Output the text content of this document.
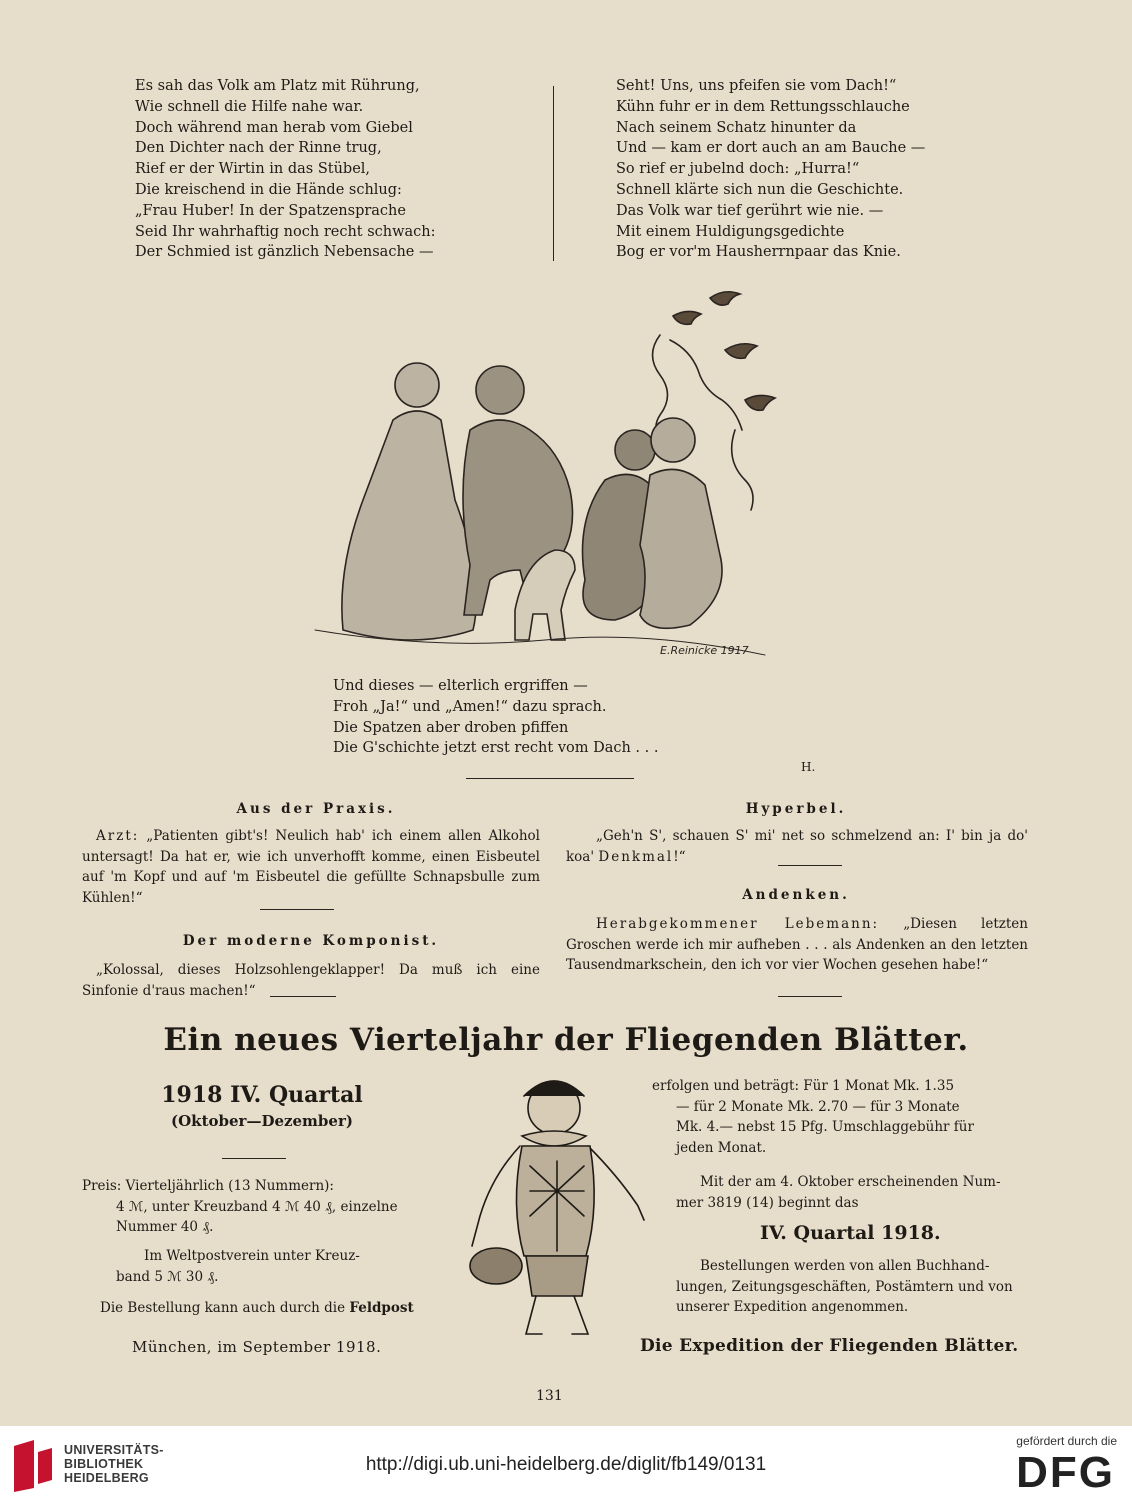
Es sah das Volk am Platz mit Rührung,
Wie schnell die Hilfe nahe war.
Doch während man herab vom Giebel
Den Dichter nach der Rinne trug,
Rief er der Wirtin in das Stübel,
Die kreischend in die Hände schlug:
„Frau Huber! In der Spatzensprache
Seid Ihr wahrhaftig noch recht schwach:
Der Schmied ist gänzlich Nebensache —
Seht! Uns, uns pfeifen sie vom Dach!“
Kühn fuhr er in dem Rettungsschlauche
Nach seinem Schatz hinunter da
Und — kam er dort auch an am Bauche —
So rief er jubelnd doch: „Hurra!“
Schnell klärte sich nun die Geschichte.
Das Volk war tief gerührt wie nie. —
Mit einem Huldigungsgedichte
Bog er vor'm Hausherrnpaar das Knie.
E.Reinicke 1917
Und dieses — elterlich ergriffen —
Froh „Ja!“ und „Amen!“ dazu sprach.
Die Spatzen aber droben pfiffen
Die G'schichte jetzt erst recht vom Dach . . .
H.
Aus der Praxis.
Arzt: „Patienten gibt's! Neulich hab' ich einem allen Alkohol untersagt! Da hat er, wie ich unverhofft komme, einen Eisbeutel auf 'm Kopf und auf 'm Eisbeutel die gefüllte Schnapsbulle zum Kühlen!“
Der moderne Komponist.
„Kolossal, dieses Holzsohlengeklapper! Da muß ich eine Sinfonie d'raus machen!“
Hyperbel.
„Geh'n S', schauen S' mi' net so schmelzend an: I' bin ja do' koa' Denkmal!“
Andenken.
Herabgekommener Lebemann: „Diesen letzten Groschen werde ich mir aufheben . . . als Andenken an den letzten Tausendmarkschein, den ich vor vier Wochen gesehen habe!“
Ein neues Vierteljahr der Fliegenden Blätter.
1918 IV. Quartal
(Oktober—Dezember)
Preis: Vierteljährlich (13 Nummern):
4 ℳ, unter Kreuzband 4 ℳ 40 ₰, einzelne
Nummer 40 ₰.
Im Weltpostverein unter Kreuz-
band 5 ℳ 30 ₰.
Die Bestellung kann auch durch die Feldpost
München, im September 1918.
erfolgen und beträgt: Für 1 Monat Mk. 1.35
— für 2 Monate Mk. 2.70 — für 3 Monate
Mk. 4.— nebst 15 Pfg. Umschlaggebühr für
jeden Monat.
Mit der am 4. Oktober erscheinenden Num-
mer 3819 (14) beginnt das
IV. Quartal 1918.
Bestellungen werden von allen Buchhand-
lungen, Zeitungsgeschäften, Postämtern und von
unserer Expedition angenommen.
Die Expedition der Fliegenden Blätter.
131
UNIVERSITÄTS-
BIBLIOTHEK
HEIDELBERG
http://digi.ub.uni-heidelberg.de/diglit/fb149/0131
gefördert durch die
DFG
